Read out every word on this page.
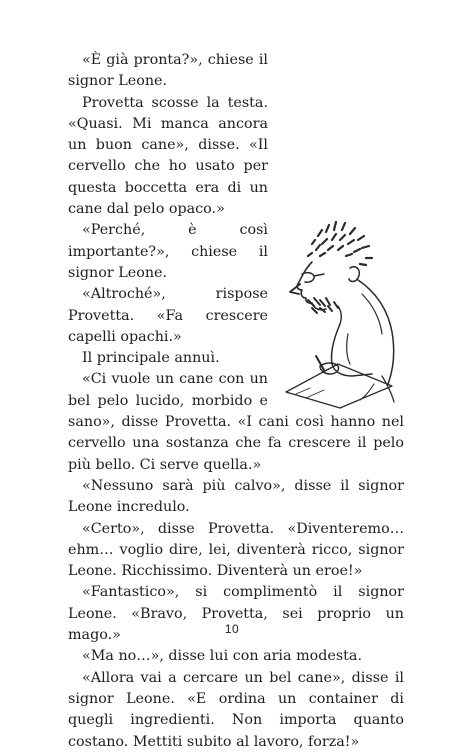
«È già pronta?», chiese il signor Leone.

Provetta scosse la testa. «Quasi. Mi manca ancora un buon cane», disse. «Il cervello che ho usato per questa boccetta era di un cane dal pelo opaco.»

«Perché, è così importante?», chiese il signor Leone.

«Altroché», rispose Provetta. «Fa crescere capelli opachi.»

Il principale annuì.

«Ci vuole un cane con un bel pelo lucido, morbido e sano», disse Provetta. «I cani così hanno nel cervello una sostanza che fa crescere il pelo più bello. Ci serve quella.»

«Nessuno sarà più calvo», disse il signor Leone incredulo.

«Certo», disse Provetta. «Diventeremo… ehm… voglio dire, lei, diventerà ricco, signor Leone. Ricchissimo. Diventerà un eroe!»

«Fantastico», si complimentò il signor Leone. «Bravo, Provetta, sei proprio un mago.»

«Ma no…», disse lui con aria modesta.

«Allora vai a cercare un bel cane», disse il signor Leone. «E ordina un container di quegli ingredienti. Non importa quanto costano. Mettiti subito al lavoro, forza!»

10
